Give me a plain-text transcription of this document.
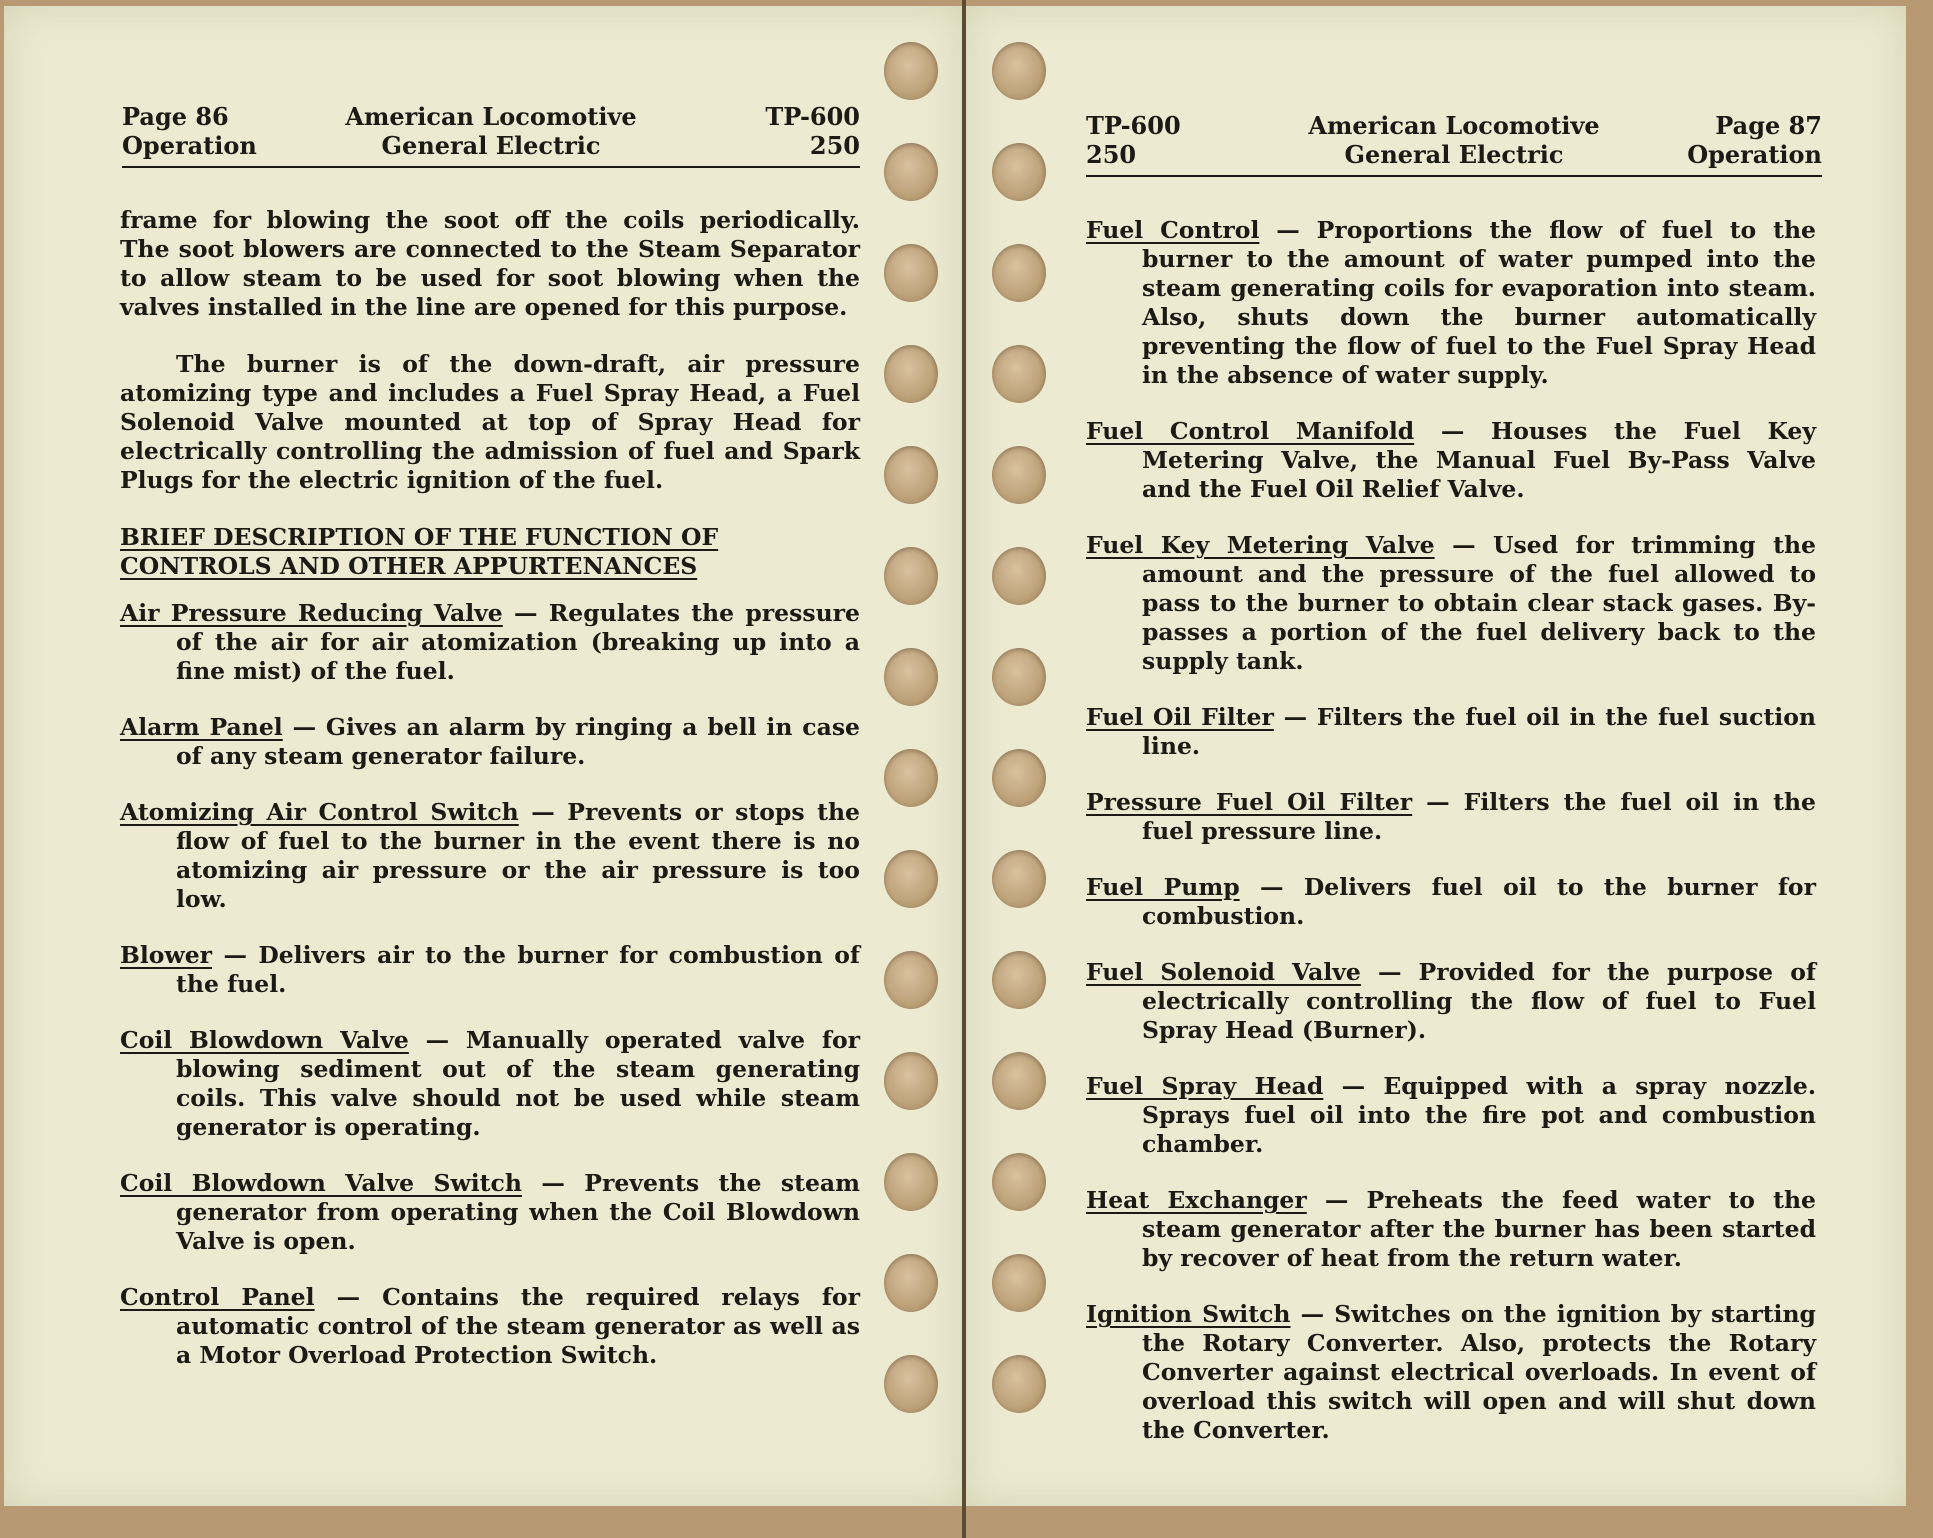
Page 86
Operation
American Locomotive
General Electric
TP-600
250

frame for blowing the soot off the coils periodically. The soot blowers are connected to the Steam Separator to allow steam to be used for soot blowing when the valves installed in the line are opened for this purpose.

The burner is of the down-draft, air pressure atomizing type and includes a Fuel Spray Head, a Fuel Solenoid Valve mounted at top of Spray Head for electrically controlling the admission of fuel and Spark Plugs for the electric ignition of the fuel.

BRIEF DESCRIPTION OF THE FUNCTION OF
CONTROLS AND OTHER APPURTENANCES

Air Pressure Reducing Valve — Regulates the pressure of the air for air atomization (breaking up into a fine mist) of the fuel.

Alarm Panel — Gives an alarm by ringing a bell in case of any steam generator failure.

Atomizing Air Control Switch — Prevents or stops the flow of fuel to the burner in the event there is no atomizing air pressure or the air pressure is too low.

Blower — Delivers air to the burner for combustion of the fuel.

Coil Blowdown Valve — Manually operated valve for blowing sediment out of the steam generating coils. This valve should not be used while steam generator is operating.

Coil Blowdown Valve Switch — Prevents the steam generator from operating when the Coil Blowdown Valve is open.

Control Panel — Contains the required relays for automatic control of the steam generator as well as a Motor Overload Protection Switch.

TP-600
250
American Locomotive
General Electric
Page 87
Operation

Fuel Control — Proportions the flow of fuel to the burner to the amount of water pumped into the steam generating coils for evaporation into steam. Also, shuts down the burner automatically preventing the flow of fuel to the Fuel Spray Head in the absence of water supply.

Fuel Control Manifold — Houses the Fuel Key Metering Valve, the Manual Fuel By-Pass Valve and the Fuel Oil Relief Valve.

Fuel Key Metering Valve — Used for trimming the amount and the pressure of the fuel allowed to pass to the burner to obtain clear stack gases. By-passes a portion of the fuel delivery back to the supply tank.

Fuel Oil Filter — Filters the fuel oil in the fuel suction line.

Pressure Fuel Oil Filter — Filters the fuel oil in the fuel pressure line.

Fuel Pump — Delivers fuel oil to the burner for combustion.

Fuel Solenoid Valve — Provided for the purpose of electrically controlling the flow of fuel to Fuel Spray Head (Burner).

Fuel Spray Head — Equipped with a spray nozzle. Sprays fuel oil into the fire pot and combustion chamber.

Heat Exchanger — Preheats the feed water to the steam generator after the burner has been started by recover of heat from the return water.

Ignition Switch — Switches on the ignition by starting the Rotary Converter. Also, protects the Rotary Converter against electrical overloads. In event of overload this switch will open and will shut down the Converter.
